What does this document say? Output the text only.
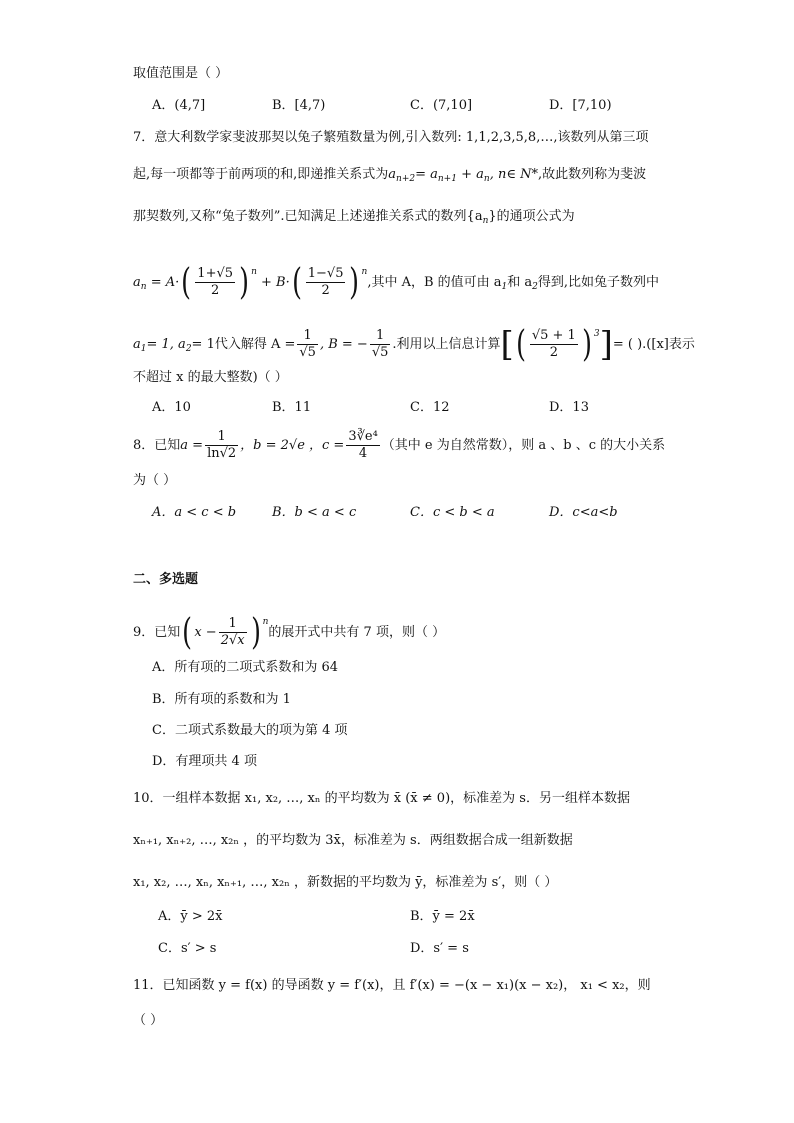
取值范围是（ ）
A．(4,7]	B．[4,7)	C．(7,10]	D．[7,10)
7．意大利数学家斐波那契以兔子繁殖数量为例,引入数列: 1,1,2,3,5,8,…,该数列从第三项
起,每一项都等于前两项的和,即递推关系式为$a_{n+2}= a_{n+1} + a_n$, n∈ N*,故此数列称为斐波
那契数列,又称“兔子数列”.已知满足上述递推关系式的数列$\{a_n\}$的通项公式为
$a_n = A\cdot( \frac{1+√5}{2}$ ) $^n + B\cdot( \frac{1-√5}{2}$ ) $^n$,其中 A，B 的值可由 $a_1$和 $a_2$得到,比如兔子数列中
$a_1= 1$, $a_2= 1$代入解得 $A = \frac{1}{√5}$ , B = − $\frac{1}{√5}$ .利用以上信息计算[( $\frac{√5 + 1}{2}$ ) $^3$]= ( ).([x]表示
不超过 x 的最大整数)（ ）
A．10	B．11	C．12	D．13
8．已知$a = \frac{1}{\ln√2}$ ，b = 2√e ，$c = \frac{\text{3∛e⁴}}{4}$ （其中 e 为自然常数），则 a 、b 、c 的大小关系
为（ ）
A．a < c < b	B．b < a < c	C．c < b < a	D．c<a<b
二、多选题
9．已知( $x - \frac{1}{2√x}$ ) $^n$的展开式中共有 7 项，则（ ）
A．所有项的二项式系数和为 64
B．所有项的系数和为 1
C．二项式系数最大的项为第 4 项
D．有理项共 4 项
10．一组样本数据 x₁, x₂, …, xₙ 的平均数为 x̄ (x̄ ≠ 0)，标准差为 s．另一组样本数据
xₙ₊₁, xₙ₊₂, …, x₂ₙ ，的平均数为 3x̄，标准差为 s．两组数据合成一组新数据
x₁, x₂, …, xₙ, xₙ₊₁, …, x₂ₙ ，新数据的平均数为 ȳ，标准差为 s′，则（ ）
A．ȳ > 2x̄	B．ȳ = 2x̄
C．s′ > s	D．s′ = s
11．已知函数 y = f(x) 的导函数 y = f′(x)，且 f′(x) = −(x − x₁)(x − x₂)， x₁ < x₂，则
（ ）
